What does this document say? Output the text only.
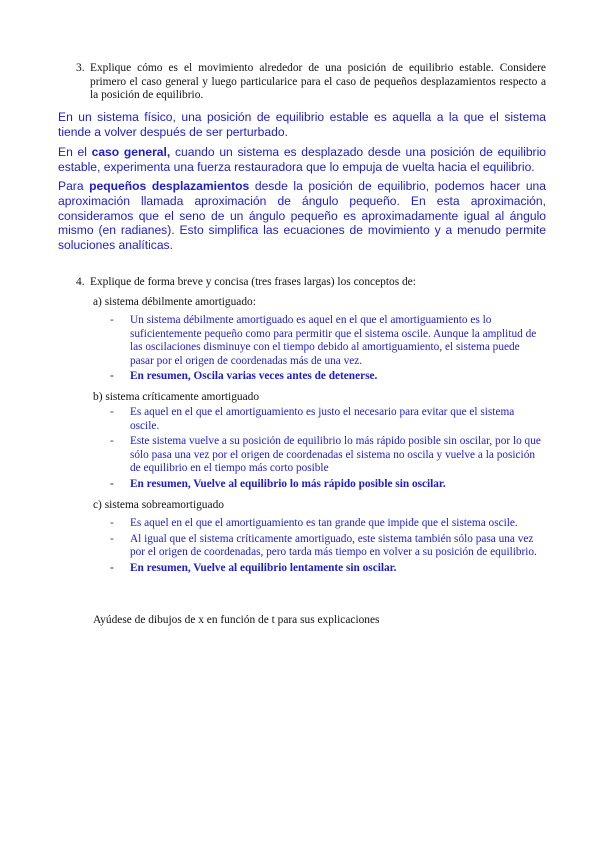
3. Explique cómo es el movimiento alrededor de una posición de equilibrio estable. Considere primero el caso general y luego particularice para el caso de pequeños desplazamientos respecto a la posición de equilibrio.

En un sistema físico, una posición de equilibrio estable es aquella a la que el sistema tiende a volver después de ser perturbado.

En el caso general, cuando un sistema es desplazado desde una posición de equilibrio estable, experimenta una fuerza restauradora que lo empuja de vuelta hacia el equilibrio.

Para pequeños desplazamientos desde la posición de equilibrio, podemos hacer una aproximación llamada aproximación de ángulo pequeño. En esta aproximación, consideramos que el seno de un ángulo pequeño es aproximadamente igual al ángulo mismo (en radianes). Esto simplifica las ecuaciones de movimiento y a menudo permite soluciones analíticas.

4. Explique de forma breve y concisa (tres frases largas) los conceptos de:
a) sistema débilmente amortiguado:
- Un sistema débilmente amortiguado es aquel en el que el amortiguamiento es lo suficientemente pequeño como para permitir que el sistema oscile. Aunque la amplitud de las oscilaciones disminuye con el tiempo debido al amortiguamiento, el sistema puede pasar por el origen de coordenadas más de una vez.
- En resumen, Oscila varias veces antes de detenerse.
b) sistema críticamente amortiguado
- Es aquel en el que el amortiguamiento es justo el necesario para evitar que el sistema oscile.
- Este sistema vuelve a su posición de equilibrio lo más rápido posible sin oscilar, por lo que sólo pasa una vez por el origen de coordenadas el sistema no oscila y vuelve a la posición de equilibrio en el tiempo más corto posible
- En resumen, Vuelve al equilibrio lo más rápido posible sin oscilar.
c) sistema sobreamortiguado
- Es aquel en el que el amortiguamiento es tan grande que impide que el sistema oscile.
- Al igual que el sistema críticamente amortiguado, este sistema también sólo pasa una vez por el origen de coordenadas, pero tarda más tiempo en volver a su posición de equilibrio.
- En resumen, Vuelve al equilibrio lentamente sin oscilar.
Ayúdese de dibujos de x en función de t para sus explicaciones
